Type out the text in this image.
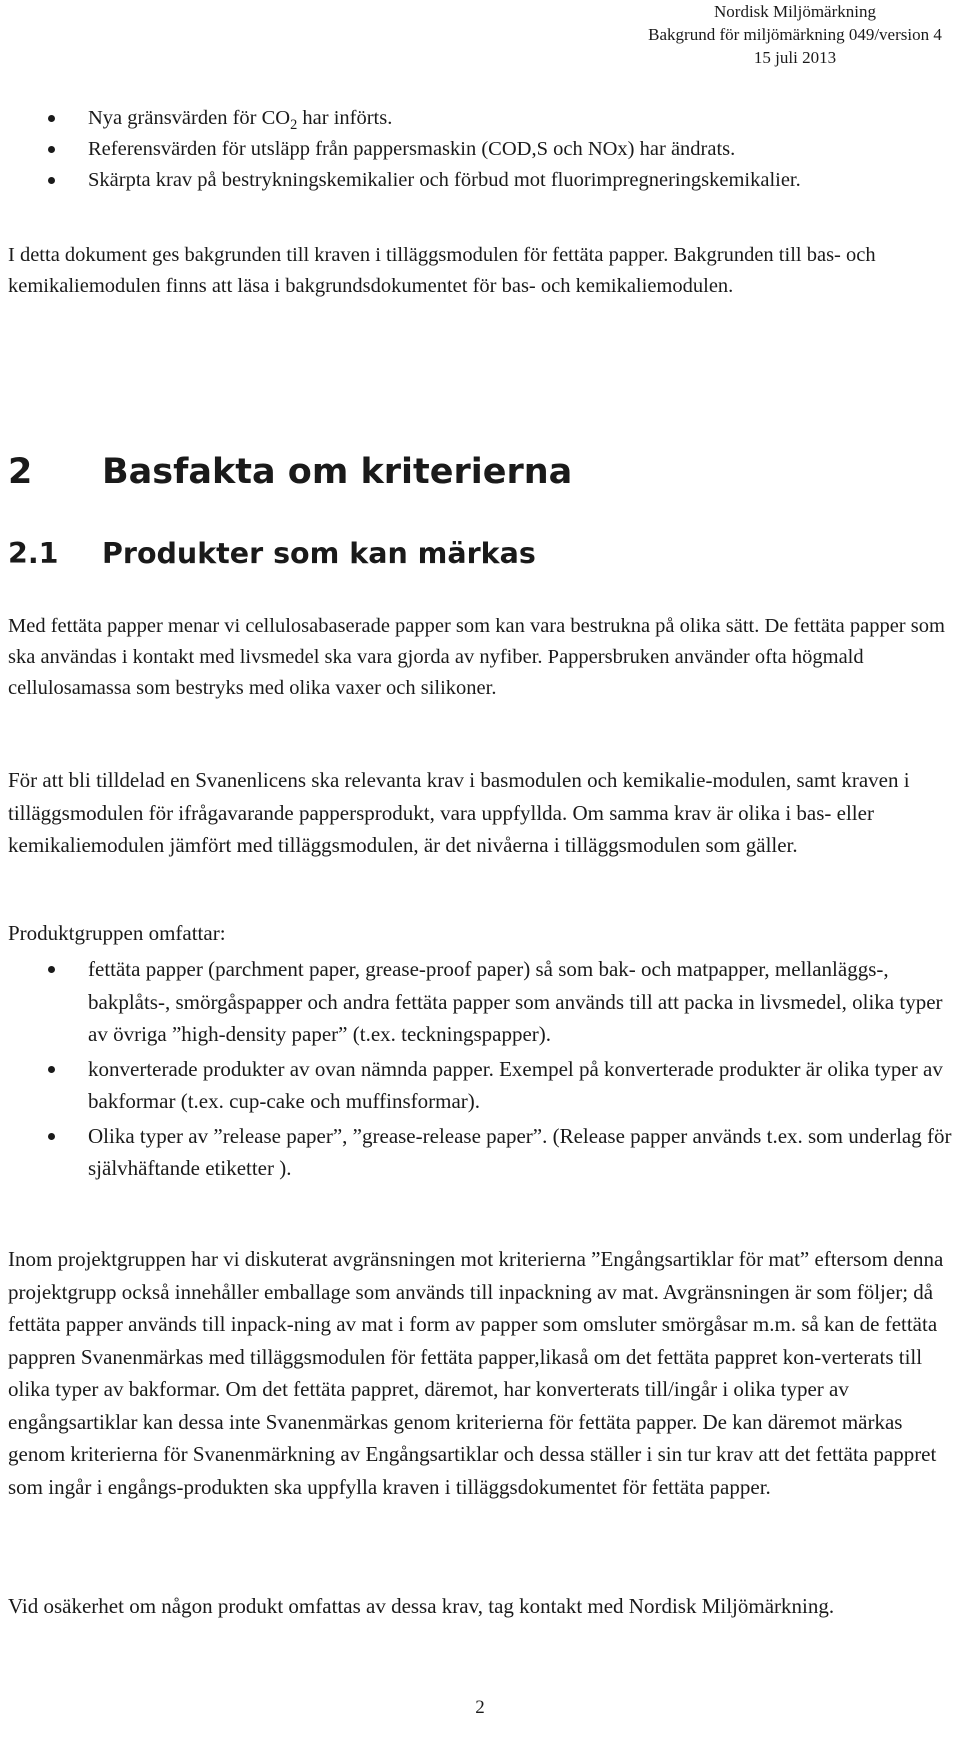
Nordisk Miljömärkning
Bakgrund för miljömärkning 049/version 4
15 juli 2013
Nya gränsvärden för $CO_2$ har införts.
Referensvärden för utsläpp från pappersmaskin (COD,S och NOx) har ändrats.
Skärpta krav på bestrykningskemikalier och förbud mot fluorimpregneringskemikalier.

I detta dokument ges bakgrunden till kraven i tilläggsmodulen för fettäta papper. Bakgrunden till bas- och kemikaliemodulen finns att läsa i bakgrundsdokumentet för bas- och kemikaliemodulen.

2 Basfakta om kriterierna
2.1 Produkter som kan märkas

Med fettäta papper menar vi cellulosabaserade papper som kan vara bestrukna på olika sätt. De fettäta papper som ska användas i kontakt med livsmedel ska vara gjorda av nyfiber. Pappersbruken använder ofta högmald cellulosamassa som bestryks med olika vaxer och silikoner.

För att bli tilldelad en Svanenlicens ska relevanta krav i basmodulen och kemikalie-modulen, samt kraven i tilläggsmodulen för ifrågavarande pappersprodukt, vara uppfyllda. Om samma krav är olika i bas- eller kemikaliemodulen jämfört med tilläggsmodulen, är det nivåerna i tilläggsmodulen som gäller.

Produktgruppen omfattar:

fettäta papper (parchment paper, grease-proof paper) så som bak- och matpapper, mellanläggs-, bakplåts-, smörgåspapper och andra fettäta papper som används till att packa in livsmedel, olika typer av övriga ”high-density paper” (t.ex. teckningspapper).
konverterade produkter av ovan nämnda papper. Exempel på konverterade produkter är olika typer av bakformar (t.ex. cup-cake och muffinsformar).
Olika typer av ”release paper”, ”grease-release paper”. (Release papper används t.ex. som underlag för självhäftande etiketter ).

Inom projektgruppen har vi diskuterat avgränsningen mot kriterierna ”Engångsartiklar för mat” eftersom denna projektgrupp också innehåller emballage som används till inpackning av mat. Avgränsningen är som följer; då fettäta papper används till inpack-ning av mat i form av papper som omsluter smörgåsar m.m. så kan de fettäta pappren Svanenmärkas med tilläggsmodulen för fettäta papper,likaså om det fettäta pappret kon-verterats till olika typer av bakformar. Om det fettäta pappret, däremot, har konverterats till/ingår i olika typer av engångsartiklar kan dessa inte Svanenmärkas genom kriterierna för fettäta papper. De kan däremot märkas genom kriterierna för Svanenmärkning av Engångsartiklar och dessa ställer i sin tur krav att det fettäta pappret som ingår i engångs-produkten ska uppfylla kraven i tilläggsdokumentet för fettäta papper.

Vid osäkerhet om någon produkt omfattas av dessa krav, tag kontakt med Nordisk Miljömärkning.

2
